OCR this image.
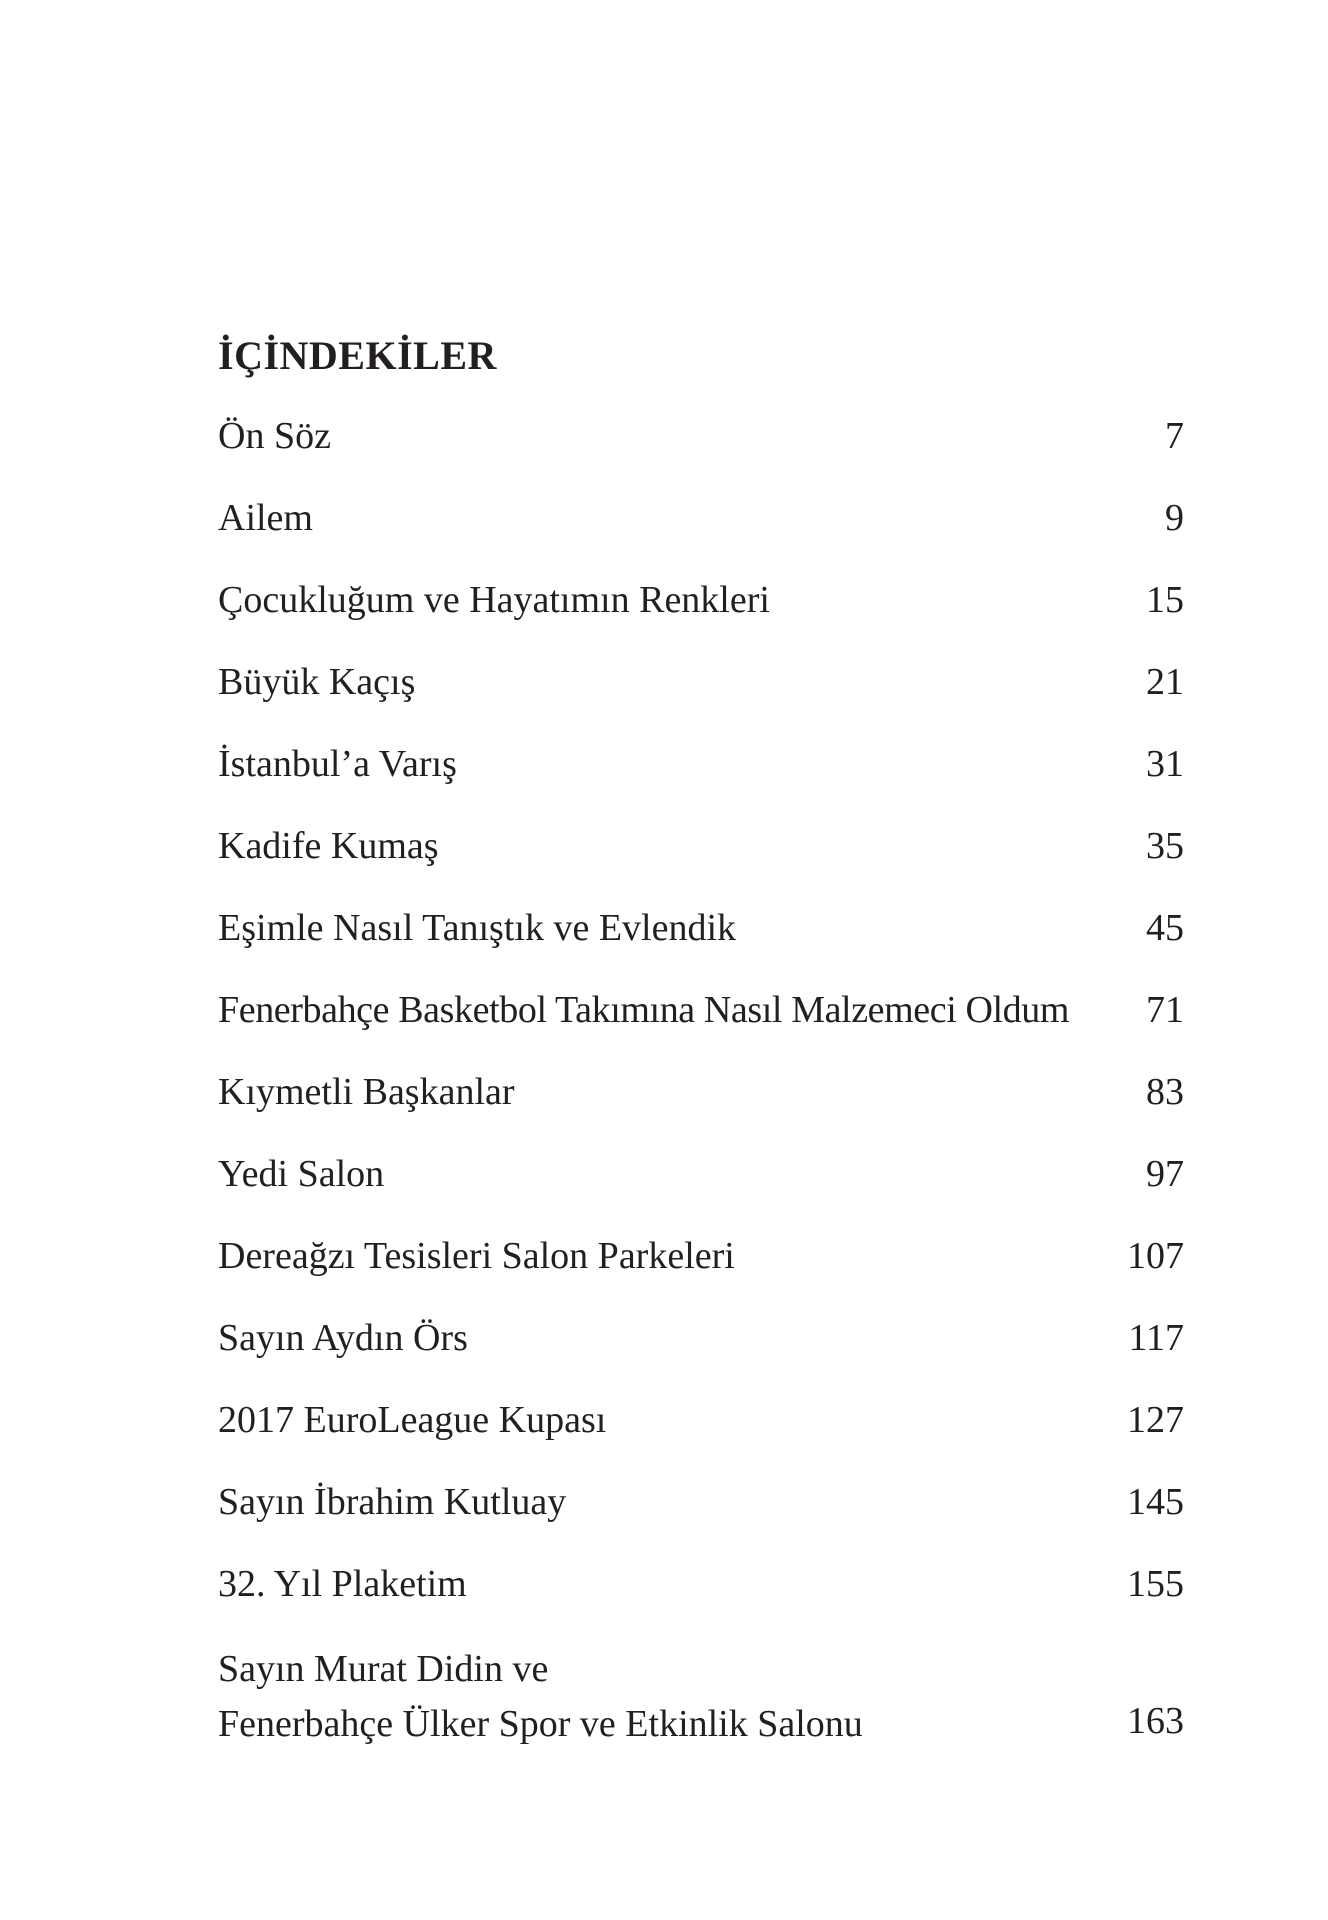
İÇİNDEKİLER
Ön Söz	7
Ailem	9
Çocukluğum ve Hayatımın Renkleri	15
Büyük Kaçış	21
İstanbul’a Varış	31
Kadife Kumaş	35
Eşimle Nasıl Tanıştık ve Evlendik	45
Fenerbahçe Basketbol Takımına Nasıl Malzemeci Oldum 71
Kıymetli Başkanlar	83
Yedi Salon	97
Dereağzı Tesisleri Salon Parkeleri	107
Sayın Aydın Örs	117
2017 EuroLeague Kupası	127
Sayın İbrahim Kutluay	145
32. Yıl Plaketim	155
Sayın Murat Didin ve
Fenerbahçe Ülker Spor ve Etkinlik Salonu	163
